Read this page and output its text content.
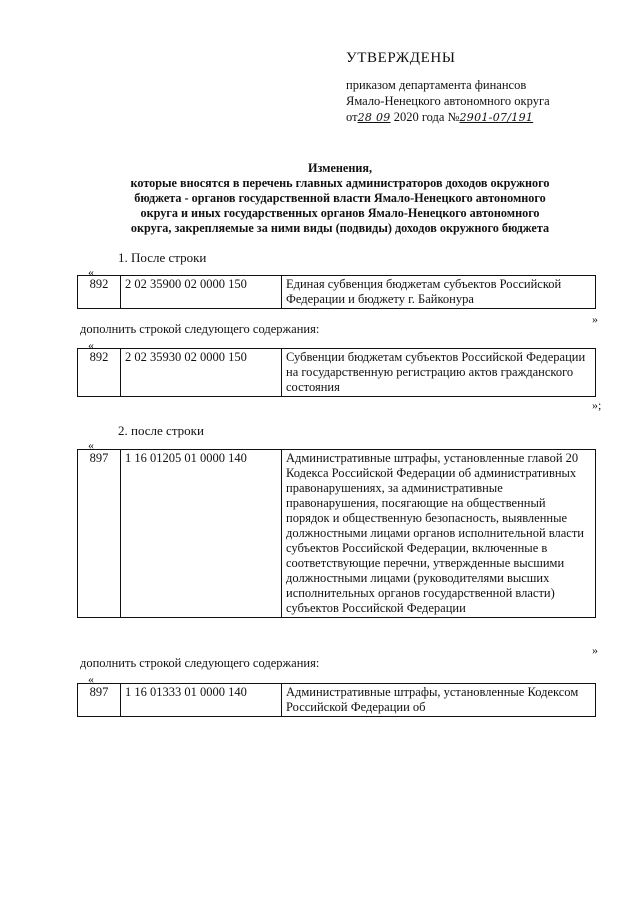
УТВЕРЖДЕНЫ
приказом департамента финансов
Ямало-Ненецкого автономного округа
от28 09 2020 года №2901-07/191
Изменения,
которые вносятся в перечень главных администраторов доходов окружного
бюджета - органов государственной власти Ямало-Ненецкого автономного
округа и иных государственных органов Ямало-Ненецкого автономного
округа, закрепляемые за ними виды (подвиды) доходов окружного бюджета
1. После строки
«
892	2 02 35900 02 0000 150	Единая субвенция бюджетам субъектов Российской Федерации и бюджету г. Байконура
»
дополнить строкой следующего содержания:
«
892	2 02 35930 02 0000 150	Субвенции бюджетам субъектов Российской Федерации на государственную регистрацию актов гражданского состояния
»;
2. после строки
«
897	1 16 01205 01 0000 140	Административные штрафы, установленные главой 20 Кодекса Российской Федерации об административных правонарушениях, за административные правонарушения, посягающие на общественный порядок и общественную безопасность, выявленные должностными лицами органов исполнительной власти субъектов Российской Федерации, включенные в соответствующие перечни, утвержденные высшими должностными лицами (руководителями высших исполнительных органов государственной власти) субъектов Российской Федерации
»
дополнить строкой следующего содержания:
«
897	1 16 01333 01 0000 140	Административные штрафы, установленные Кодексом Российской Федерации об
